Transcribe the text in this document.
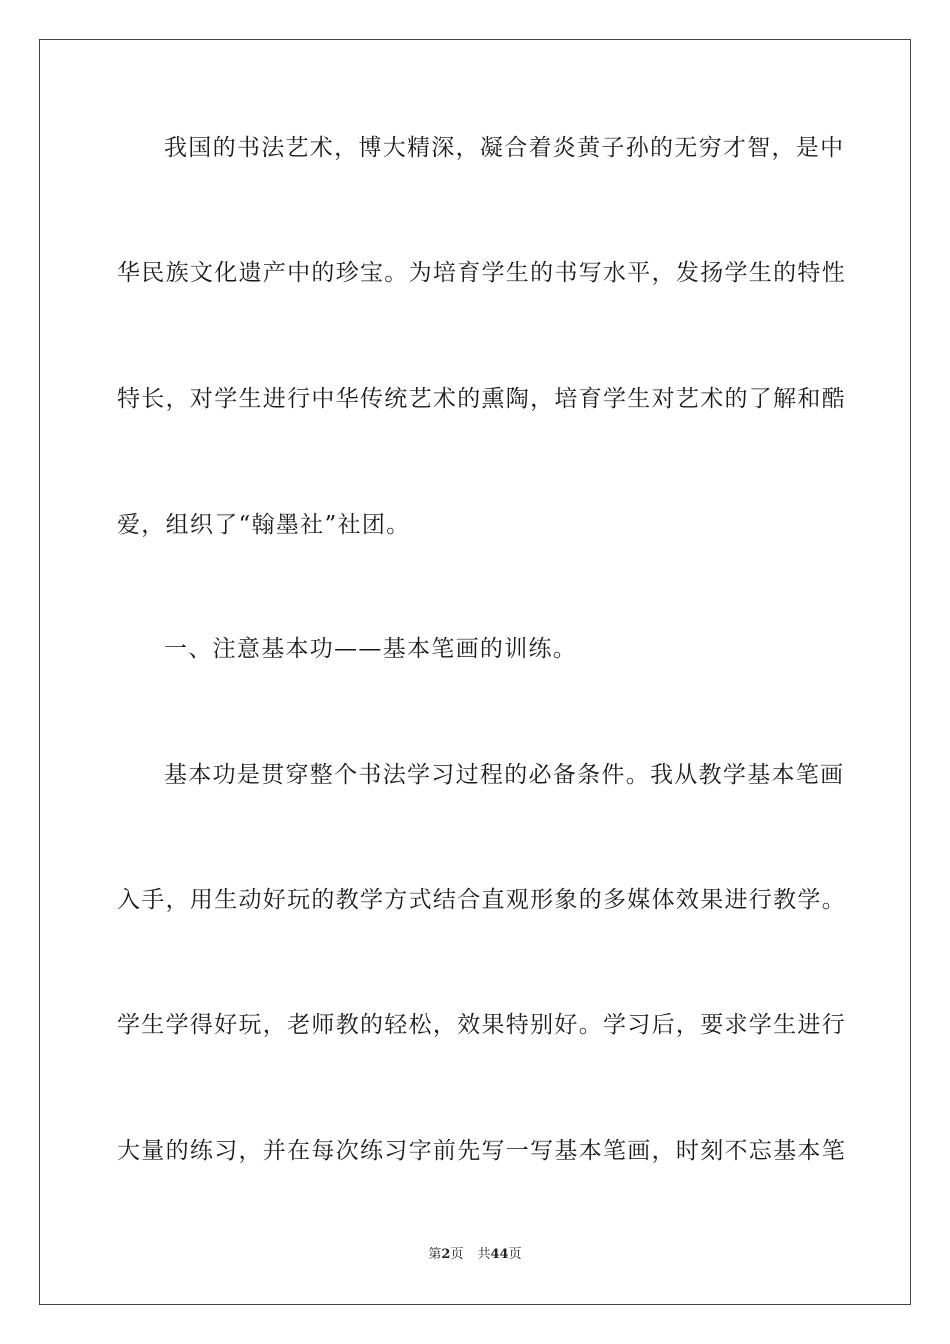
我国的书法艺术，博大精深，凝合着炎黄子孙的无穷才智，是中
华民族文化遗产中的珍宝。为培育学生的书写水平，发扬学生的特性
特长，对学生进行中华传统艺术的熏陶，培育学生对艺术的了解和酷
爱，组织了“翰墨社”社团。
一、注意基本功——基本笔画的训练。
基本功是贯穿整个书法学习过程的必备条件。我从教学基本笔画
入手，用生动好玩的教学方式结合直观形象的多媒体效果进行教学。
学生学得好玩，老师教的轻松，效果特别好。学习后，要求学生进行
大量的练习，并在每次练习字前先写一写基本笔画，时刻不忘基本笔
第2页 共44页
